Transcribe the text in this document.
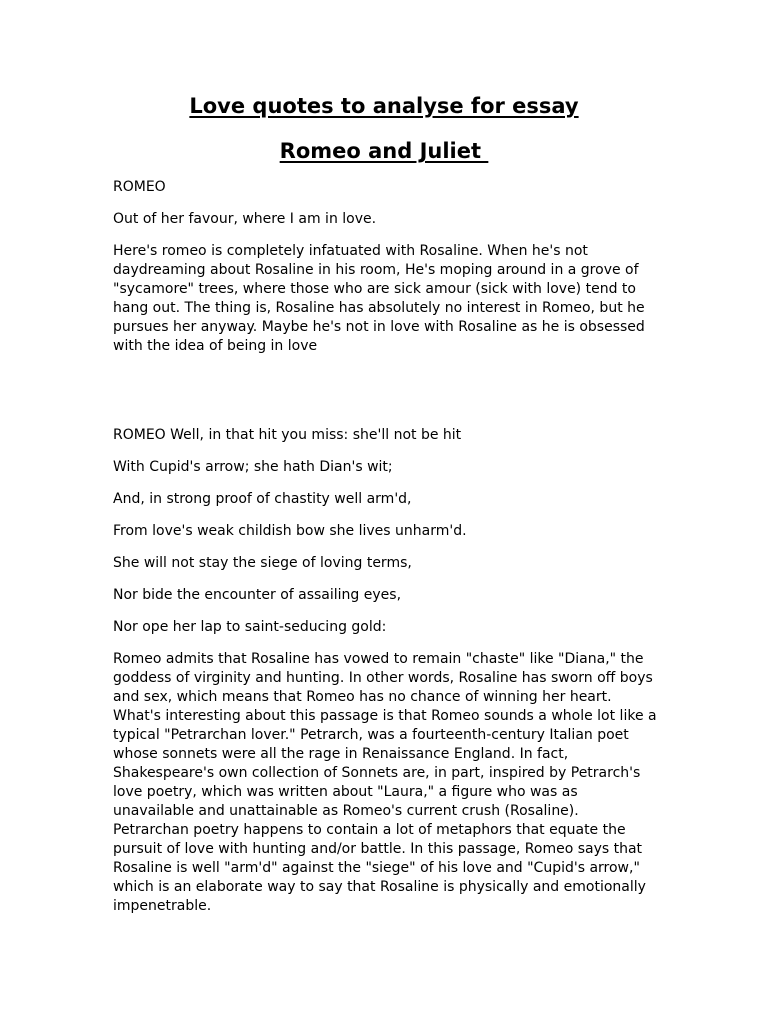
Love quotes to analyse for essay
Romeo and Juliet

ROMEO

Out of her favour, where I am in love.

Here's romeo is completely infatuated with Rosaline. When he's not daydreaming about Rosaline in his room, He's moping around in a grove of "sycamore" trees, where those who are sick amour (sick with love) tend to hang out. The thing is, Rosaline has absolutely no interest in Romeo, but he pursues her anyway. Maybe he's not in love with Rosaline as he is obsessed with the idea of being in love

ROMEO Well, in that hit you miss: she'll not be hit

With Cupid's arrow; she hath Dian's wit;

And, in strong proof of chastity well arm'd,

From love's weak childish bow she lives unharm'd.

She will not stay the siege of loving terms,

Nor bide the encounter of assailing eyes,

Nor ope her lap to saint-seducing gold:

Romeo admits that Rosaline has vowed to remain "chaste" like "Diana," the goddess of virginity and hunting. In other words, Rosaline has sworn off boys and sex, which means that Romeo has no chance of winning her heart. What's interesting about this passage is that Romeo sounds a whole lot like a typical "Petrarchan lover." Petrarch, was a fourteenth-century Italian poet whose sonnets were all the rage in Renaissance England. In fact, Shakespeare's own collection of Sonnets are, in part, inspired by Petrarch's love poetry, which was written about "Laura," a figure who was as unavailable and unattainable as Romeo's current crush (Rosaline). Petrarchan poetry happens to contain a lot of metaphors that equate the pursuit of love with hunting and/or battle. In this passage, Romeo says that Rosaline is well "arm'd" against the "siege" of his love and "Cupid's arrow," which is an elaborate way to say that Rosaline is physically and emotionally impenetrable.
